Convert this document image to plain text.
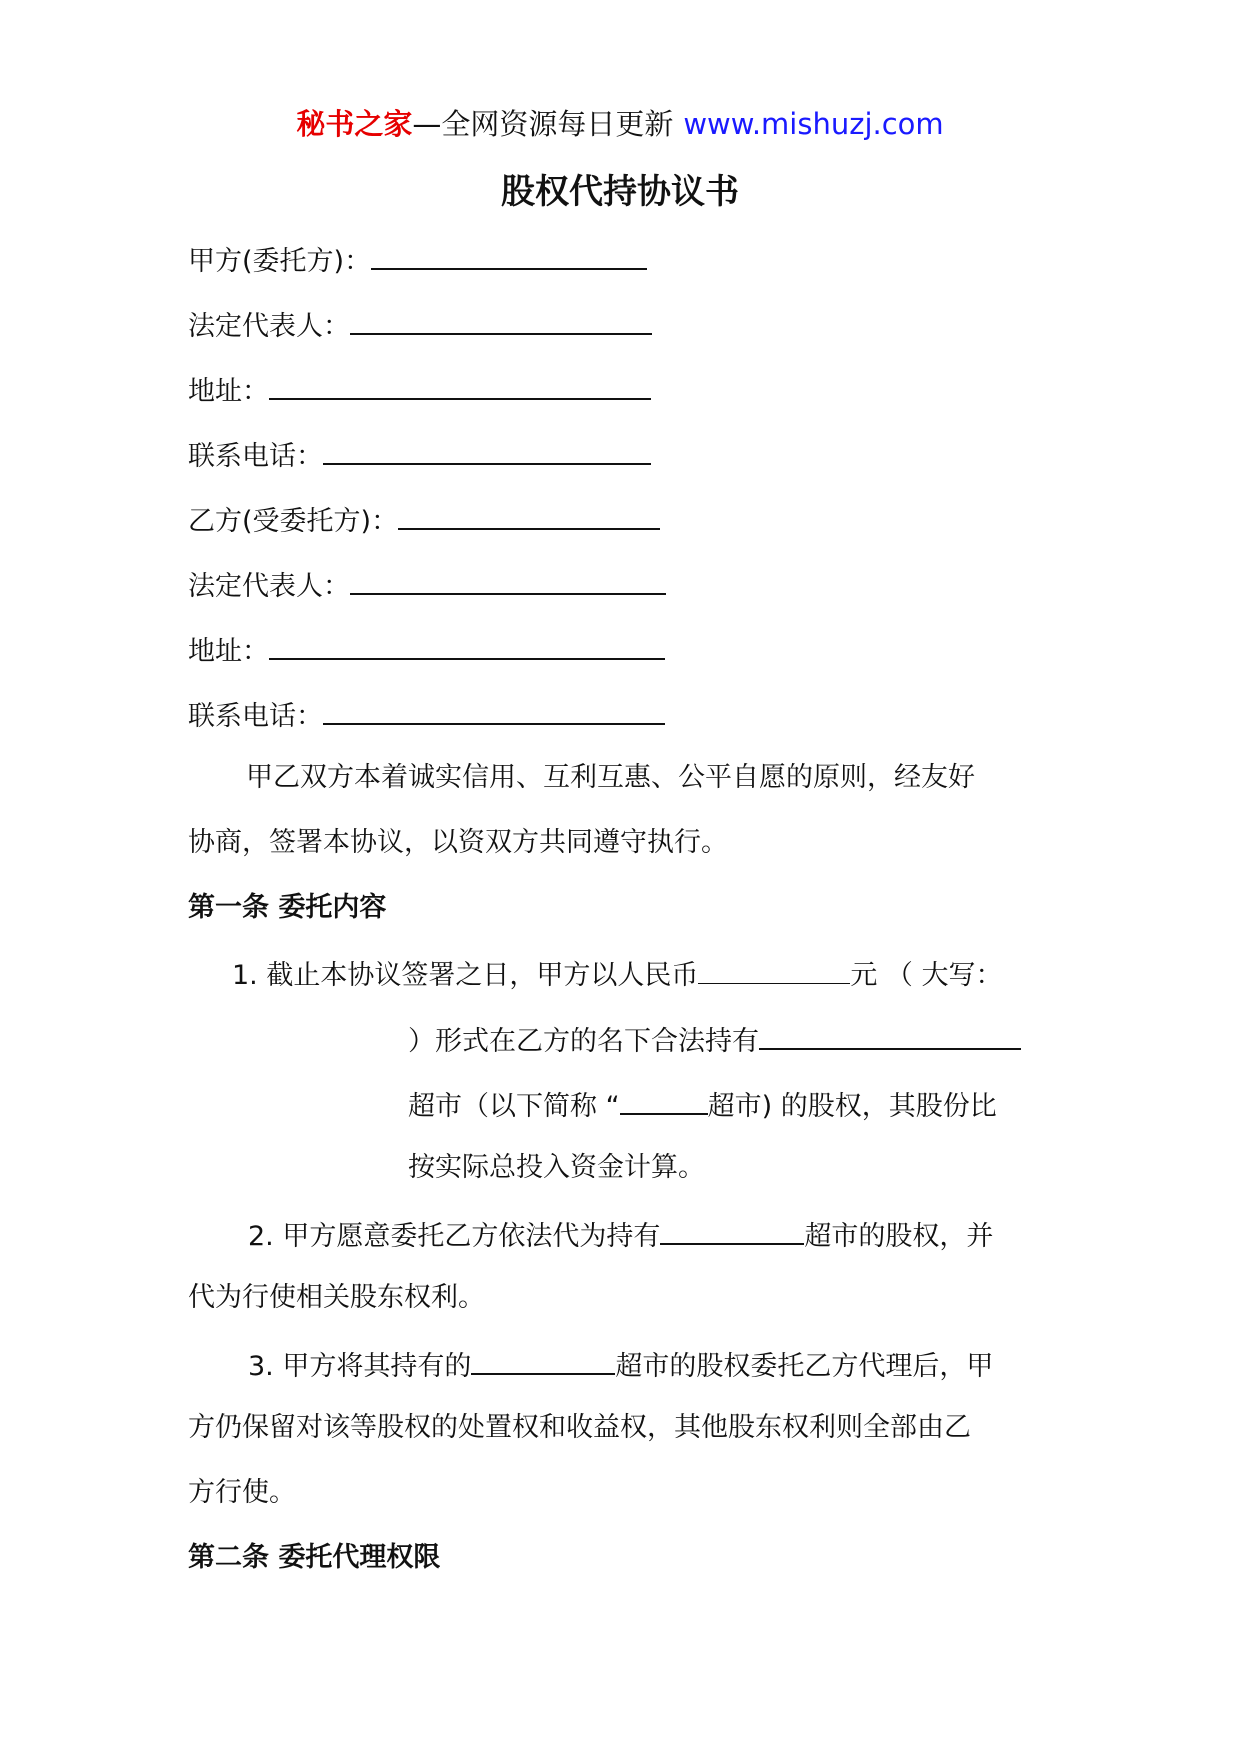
秘书之家—全网资源每日更新 www.mishuzj.com
股权代持协议书
甲方(委托方)：
法定代表人：
地址：
联系电话：
乙方(受委托方)：
法定代表人：
地址：
联系电话：
甲乙双方本着诚实信用、互利互惠、公平自愿的原则，经友好
协商，签署本协议，以资双方共同遵守执行。
第一条 委托内容
1. 截止本协议签署之日，甲方以人民币	元 （ 大写：
）形式在乙方的名下合法持有
超市（以下简称 “	超市) 的股权，其股份比
按实际总投入资金计算。
2. 甲方愿意委托乙方依法代为持有	超市的股权，并
代为行使相关股东权利。
3. 甲方将其持有的	超市的股权委托乙方代理后，甲
方仍保留对该等股权的处置权和收益权，其他股东权利则全部由乙
方行使。
第二条 委托代理权限
